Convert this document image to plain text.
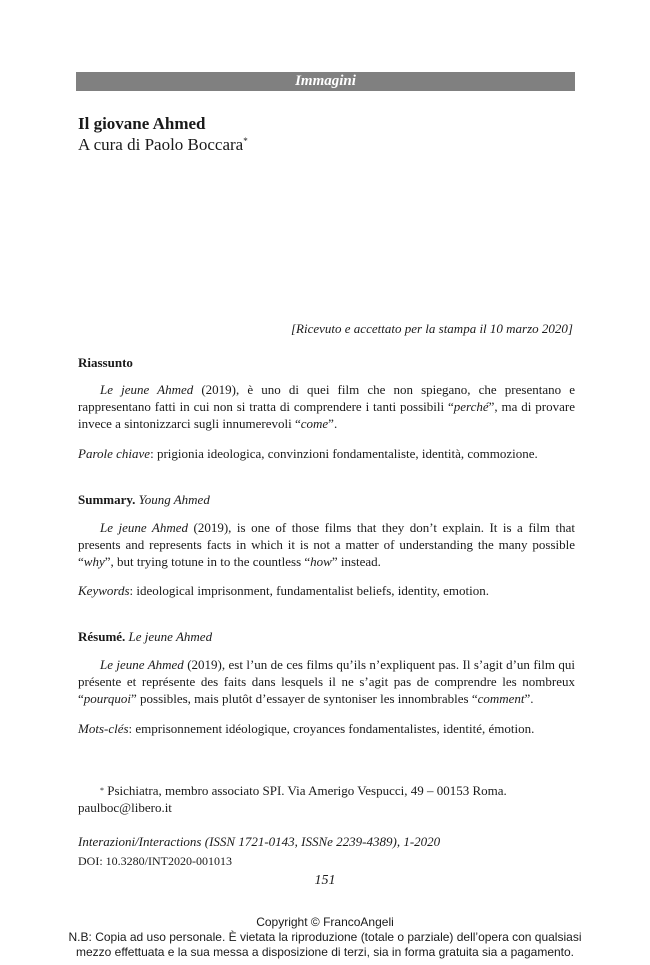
Immagini
Il giovane Ahmed
A cura di Paolo Boccara*
[Ricevuto e accettato per la stampa il 10 marzo 2020]
Riassunto

Le jeune Ahmed (2019), è uno di quei film che non spiegano, che presentano e rappresentano fatti in cui non si tratta di comprendere i tanti possibili “perché”, ma di provare invece a sintonizzarci sugli innumerevoli “come”.

Parole chiave: prigionia ideologica, convinzioni fondamentaliste, identità, commozione.
Summary. Young Ahmed

Le jeune Ahmed (2019), is one of those films that they don’t explain. It is a film that presents and represents facts in which it is not a matter of understanding the many possible “why”, but trying totune in to the countless “how” instead.

Keywords: ideological imprisonment, fundamentalist beliefs, identity, emotion.
Résumé. Le jeune Ahmed

Le jeune Ahmed (2019), est l’un de ces films qu’ils n’expliquent pas. Il s’agit d’un film qui présente et représente des faits dans lesquels il ne s’agit pas de comprendre les nombreux “pourquoi” possibles, mais plutôt d’essayer de syntoniser les innombrables “comment”.

Mots-clés: emprisonnement idéologique, croyances fondamentalistes, identité, émotion.

* Psichiatra, membro associato SPI. Via Amerigo Vespucci, 49 – 00153 Roma. paulboc@libero.it

Interazioni/Interactions (ISSN 1721-0143, ISSNe 2239-4389), 1-2020
DOI: 10.3280/INT2020-001013
151
Copyright © FrancoAngeli
N.B: Copia ad uso personale. È vietata la riproduzione (totale o parziale) dell’opera con qualsiasi
mezzo effettuata e la sua messa a disposizione di terzi, sia in forma gratuita sia a pagamento.
